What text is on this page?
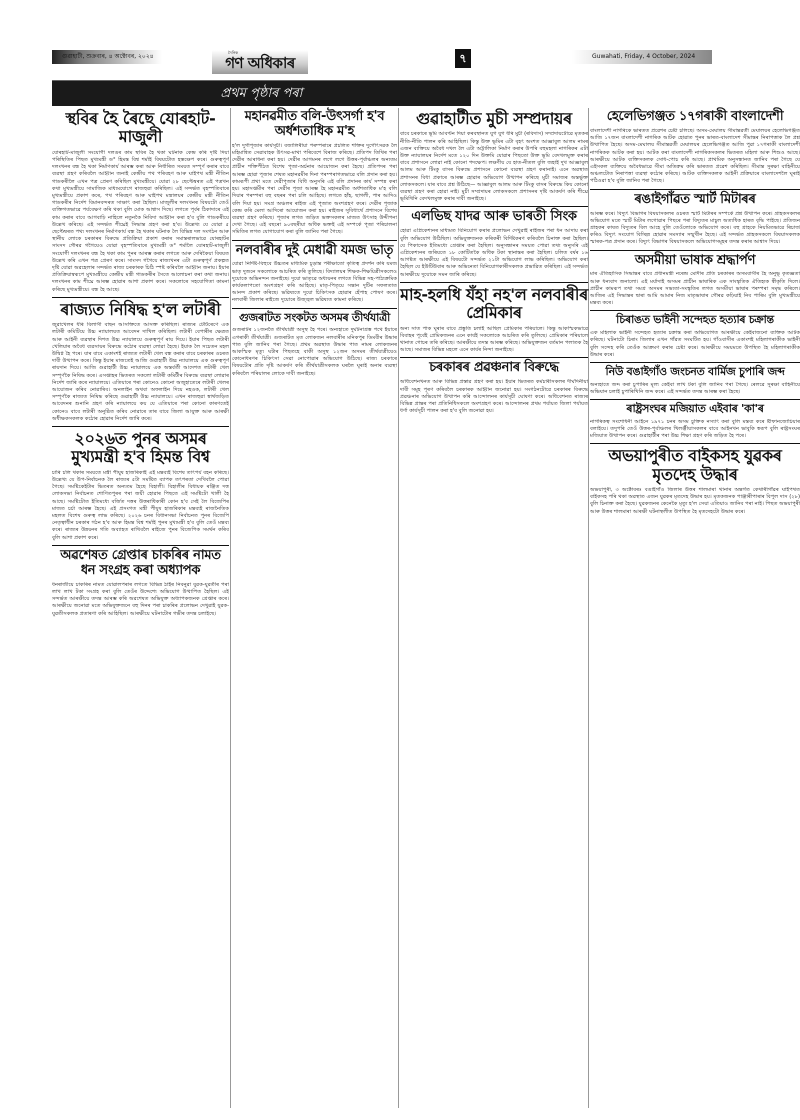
গুৱাহাটী, শুক্ৰবাৰ, ৪ অক্টোবৰ, ২০২৪
দৈনিক
গণ অধিকাৰ	Guwahati, Friday, 4 October, 2024
৭
প্ৰথম পৃষ্ঠাৰ পৰা
স্থবিৰ হৈ ৰৈছে যোৰহাট-মাজুলী
যোৰহাট-মাজুলী সংযোগী দলঙৰ কাম স্থবিৰ হৈ থকা ঘটনাক কেন্দ্ৰ কৰি দৃষ্টি দিয়া পৰিস্থিতিৰ পিছত মুখ্যমন্ত্ৰী ড° হিমন্ত বিশ্ব শৰ্মাই বিষয়টোত হস্তক্ষেপ কৰে। গুৰুত্বপূৰ্ণ দলংখনৰ বন্ধ হৈ থকা নিৰ্মাণকাৰ্য আৰম্ভ কৰা আৰু নিৰ্ধাৰিত সময়ত সম্পূৰ্ণ কৰাৰ বাবে ব্যৱস্থা গ্ৰহণ কৰিবলৈ আহ্বান জনাই কেন্দ্ৰীয় পথ পৰিবহণ আৰু ঘাইপথ মন্ত্ৰী নীতিন গাডকৰীলৈ এখন পত্ৰ প্ৰেৰণ কৰিছিল মুখ্যমন্ত্ৰীয়ে। যোৱা ২৮ ছেপ্টেম্বৰত এই পত্ৰখন কথা মুখ্যমন্ত্ৰীয়ে সামাজিক মাধ্যমযোগে ৰাজহুৱা কৰিছিল। এই সন্দৰ্ভত বৃহস্পতিবাৰে মুখ্যমন্ত্ৰীয়ে প্ৰকাশ কৰে, পথ পৰিবহণ আৰু ঘাইপথ মন্ত্ৰালয়ৰ কেন্দ্ৰীয় মন্ত্ৰী নীতিন গাডকৰীৰ নিৰ্দেশ বিমানবন্দৰত সাক্ষাৎ কৰা হৈছিল। মাজুলীৰ দলংখনৰ বিষয়টো তেওঁ ব্যক্তিগতভাৱে পৰ্যবেক্ষণ কৰি থকা বুলি মোক আশ্বাস দিছে। লগতে পূৰ্বৰ ঠিকাদাৰে এই কাম কৰাৰ বাবে আগবাঢ়ি নাহিলে নতুনকৈ নিবিদা আহ্বান কৰা হ'ব বুলি গাডকৰীয়ে উল্লেখ কৰিছে। এই সন্দৰ্ভত শীঘ্ৰেই সিদ্ধান্ত গ্ৰহণ কৰা হ'ব। উল্লেখ্য যে যোৱা ৫ ছেপ্টেম্বৰত পথ্য দলংখনৰ নিৰ্মাণকাৰ্য বন্ধ হৈ থকাৰ ঘটনাক লৈ বিভিন্ন দল সংগঠন আৰু স্থানীয় লোকে চৰকাৰৰ বিৰুদ্ধে প্ৰতিক্ৰিয়া প্ৰকাশ কৰাৰ সমান্তৰালভাৱে যোৰহাটৰ সাংসদ গৌৰৱ গগৈয়েও যোৱা বৃহস্পতিবাৰে মুখ্যমন্ত্ৰী ড° শৰ্মালৈ যোৰহাট-মাজুলী সংযোগী দলংখনৰ বন্ধ হৈ থকা কাম পুনৰ আৰম্ভ কৰাৰ লগতে আৰু দেৰিকৈয়া বিষয়ত উল্লেখ কৰি এখন পত্ৰ প্ৰেৰণ কৰে। সাংসদ গগৈয়ে ৰাজ্যখনৰ এটা গুৰুত্বপূৰ্ণ প্ৰকল্পত দৃষ্টি যোৱা অৱহেলাৰ সন্দৰ্ভত ৰাজ্য চৰকাৰক চিঠি স্পষ্ট কৰিবলৈ আহ্বান জনায়। ইয়াৰ প্ৰতিক্ৰিয়াস্বৰূপে মুখ্যমন্ত্ৰীয়ে কেন্দ্ৰীয় মন্ত্ৰী গাডকৰীৰ সৈতে আলোচনা কৰা কথা জনায়। দলংখনৰ কাম শীঘ্ৰে আৰম্ভ হোৱাৰ আশা প্ৰকাশ কৰে। সকলোৰে সহযোগিতা কামনা কৰিছে মুখ্যমন্ত্ৰীয়ে। বন্ধ হৈ আছে।
ৰাজ্যত নিষিদ্ধ হ'ল লটাৰী
জুৱাখেলৰ ধৰি বিলাসী বাছন আসক্তিতে আসক্ত কৰিছিল। ৰাজ্যৰ টেটিৰেণে এক লটাৰী কমিটিয়ে উচ্চ ন্যায়ালয়ত আবেদন দাখিল কৰিছিল। লটাৰী বেপাৰীৰ ক্ষেত্ৰত আৰু আইনী ব্যৱস্থাৰ দিশত উচ্চ ন্যায়ালয়ে গুৰুত্বপূৰ্ণ ৰায় দিয়ে। ইয়াৰ পিছত লটাৰী খেলিয়াৰ অবৈধ ব্যৱসায়ৰ বিৰুদ্ধে কঠোৰ ব্যৱস্থা লোৱা হৈছে। ইয়াক লৈ সচেতন মহল উদ্বিগ্ন হৈ পৰে। যাৰ বাবে একাংশই ৰাজ্যত লটাৰী খেল বন্ধ কৰাৰ বাবে চৰকাৰৰ ওচৰত দাবী উত্থাপন কৰে। কিন্তু ইয়াৰ মাজতেই আজি গুৱাহাটী উচ্চ ন্যায়ালয়ে এক গুৰুত্বপূৰ্ণ ৰায়দান দিয়ে। আজি গুৱাহাটী উচ্চ ন্যায়ালয়ে এক অন্তৰ্বৰ্তী আদেশত লটাৰী খেল সম্পূৰ্ণকৈ নিষিদ্ধ কৰে। এসপ্তাহৰ ভিতৰত সকলো লটাৰী কমিটীৰ বিৰুদ্ধে ব্যৱস্থা লোৱাৰ নিৰ্দেশ জাৰি কৰে ন্যায়ালয়ে। এতিয়াৰে পৰা কোনেও কোনো অজুহাতেৰে লটাৰী খেলৰ আয়োজন কৰিব নোৱাৰিব। অনলাইন অথবা অফলাইন দিয়ে নহওক, লটাৰী খেল সম্পূৰ্ণকৈ ৰাজ্যত নিষিদ্ধ কৰিছে গুৱাহাটী উচ্চ ন্যায়ালয়ে। এখন ৰাজহুৱা স্বাৰ্থজড়িত আবেদনৰ শুনানি গ্ৰহণ কৰি ন্যায়ালয়ে কয় যে এতিয়াৰে পৰা কোনো কাৰণতেই কোনেও বাবে লটাৰী অনুষ্ঠিত কৰিব নোৱাৰে তাৰ বাবে জিলা আয়ুক্ত আৰু আৰক্ষী অধীক্ষকসকলক কঠোৰ হোৱাৰ নিৰ্দেশ জাৰি কৰে।
২০২৬ত পুনৰ অসমৰ মুখ্যমন্ত্ৰী হ'ব হিমন্ত বিশ্ব
চাৰি চলি থকাৰ সময়তে মন্ত্ৰী পীযুষ হাজৰিকাই এই মন্তব্যই বিশেষ তাৎপৰ্য বহন কৰিছে। উল্লেখ্য যে উপ-নিৰ্বাচনক লৈ ৰাজ্যৰ ৫টা সমষ্টিত ব্যাপক তৎপৰতা দেখিবলৈ পোৱা গৈছে। সমষ্টিকেইটাৰ ভিতৰত অন্যতম হৈছে বিহালী। বিহালীৰ বিধায়ক ৰঞ্জিত দত্ত লোকসভা নিৰ্বাচনত শোণিতপুৰৰ পৰা জয়ী হোৱাৰ পিছতে এই সমষ্টিটো খালী হৈ আছে। সমষ্টিটোত ইতিমধ্যে বৰ্জিত দত্তৰ উত্তৰাধিকাৰী কোন হ'ব সেই লৈ বিজেপিৰ মাজত চৰ্চা আৰম্ভ হৈছে। এই প্ৰসংগত মন্ত্ৰী পীযুষ হাজৰিকাৰ মন্তব্যই ৰাজনৈতিক মহলত বিশেষ গুৰুত্ব লাভ কৰিছে। ২০২৬ চনৰ বিধানসভা নিৰ্বাচনত পুনৰ বিজেপি নেতৃত্বাধীন চৰকাৰ গঠন হ'ব আৰু হিমন্ত বিশ্ব শৰ্মাই পুনৰ মুখ্যমন্ত্ৰী হ'ব বুলি তেওঁ মন্তব্য কৰে। ৰাজ্যৰ উন্নয়নৰ গতি অব্যাহত ৰাখিবলৈ ৰাইজে পুনৰ বিজেপিক সমৰ্থন কৰিব বুলি আশা প্ৰকাশ কৰে।
অৱশেষত গ্ৰেপ্তাৰ চাকৰিৰ নামত ধন সংগ্ৰহ কৰা অধ্যাপক
ধনৰাজীয়ে চাকৰিৰ নামত যোৱালপৰাৰ লগতে বিভিন্ন ঠাইৰ নিবনুৱা যুৱক-যুৱতীৰ পৰা লাখ লাখ টকা সংগ্ৰহ কৰা বুলি তেওঁৰ উদ্দেশ্যে অভিযোগ উত্থাপিত হৈছিল। এই সন্দৰ্ভত আৰক্ষীয়ে তদন্ত আৰম্ভ কৰি অৱশেষত অভিযুক্ত অধ্যাপকজনক গ্ৰেপ্তাৰ কৰে। আৰক্ষীয়ে জনোৱা মতে অভিযুক্তজনে বহু দিনৰ পৰা চাকৰিৰ প্ৰলোভন দেখুৱাই যুৱক-যুৱতীসকলক প্ৰতাৰণা কৰি আহিছিল। আৰক্ষীয়ে ঘটনাটোৰ গভীৰ তদন্ত চলাইছে।
মহানৱমীত বলি-উৎসৰ্গা হ'ব অৰ্ধশতাধিক ম'হ
হ'ল দুৰ্গাপূজাৰ কাৰ্যসূচী। বজালিৰীয়া পৰম্পৰাৰে প্ৰচলিত শক্তিৰ দুৰ্গোৎসৱক লৈ মহিমান্বিত সেৱাবাহক উৎসৱ-মাথা পৰিবেশে বিৰাজ কৰিছে। প্ৰতিপদ তিথিৰ পৰা দেৱীৰ আৰাধনা কৰা হয়। দেৱীৰ আগমনৰ লগে লগে উত্তৰ-পূৰ্বাঞ্চলৰ অন্যতম প্ৰাচীন শক্তিপীঠত বিশেষ পূজা-অৰ্চনাৰ আয়োজন কৰা হৈছে। প্ৰতিপদৰ পৰা আৰম্ভ হোৱা পূজাৰ শেষত মহানৱমীৰ দিনা পৰম্পৰাগতভাৱে বলি প্ৰদান কৰা হয়। কামৰূপী প্ৰথা মতে দেৱীপূজাৰ বিধি অনুসৰি এই বলি প্ৰদানৰ কাৰ্য সম্পন্ন কৰা হয়। মহাসপ্তমীৰ পৰা দেৱীৰ পূজা আৰম্ভ হৈ মহানৱমীত অৰ্ধশতাধিক ম'হ বলি দিয়াৰ পৰম্পৰা বহু বছৰৰ পৰা চলি আহিছে। লগতে হাঁহ, ছাগলী, পাৰ আদিও বলি দিয়া হয়। সমগ্ৰ অঞ্চলৰ ৰাইজ এই পূজাত অংশগ্ৰহণ কৰে। দেৱীৰ পূজাক কেন্দ্ৰ কৰি মেলা আদিৰো আয়োজন কৰা হয়। ৰাইজৰ সুবিধাৰ্থে প্ৰশাসনে বিশেষ ব্যৱস্থা গ্ৰহণ কৰিছে। পূজাৰ লগত জড়িত ভক্তসকলৰ মাজত উৎসাহ উদ্দীপনা দেখা গৈছে। এই বছৰো ৯০বছৰীয়া অধিক ভক্তই এই সম্পৰ্কে পূজা পৰিচালনা সমিতিৰ লগত যোগাযোগ কৰা বুলি জানিব পৰা গৈছে।
নলবাৰীৰ দুই মেধাৱী যমজ ভাতৃ
যোৱা নিৰ্দিষ্ট-বিহুবে উচ্চতৰ মাধ্যমিক চূড়ান্ত পৰীক্ষাতো কৃতিত্ব প্ৰদৰ্শন কৰি যমজ ভাতৃ দুজনে সকলোকে আচৰিত কৰি তুলিছে। বিদ্যালয়ৰ শিক্ষক-শিক্ষয়িত্ৰীসকলেও দুয়োকে অভিনন্দন জনাইছে। দুয়ো ভাতৃৱে অধ্যয়নৰ লগতে বিভিন্ন সহ-পাঠ্যক্ৰমিক কাৰ্যকলাপতো অংশগ্ৰহণ কৰি আহিছে। মাতৃ-পিতৃয়ে সন্তান দুটিৰ সফলতাত আনন্দ প্ৰকাশ কৰিছে। ভৱিষ্যতে দুয়ো চিকিৎসক হোৱাৰ হেঁপাহ পোষণ কৰে। নলবাৰী জিলাৰ ৰাইজে দুয়োৰে উজ্জ্বল ভৱিষ্যত কামনা কৰিছে।
গুজৰাটত সংকটত অসমৰ তীৰ্থযাত্ৰী
গুজৰাটৰ ১২জনতৈ তীৰ্থযাত্ৰী অসুস্থ হৈ পৰে। অন্যহাতে দুৰ্ঘটনাগ্ৰস্ত পথে ইয়াৰে এগৰাকী তীৰ্থযাত্ৰী। গুজৰাটত মৃত লোকজন নলবাৰীৰ মনিকপুৰ ডিমবীৰ উদ্ধাৰ পাত বুলি জানিব পৰা গৈছে। প্ৰথম অৱস্থাত উদ্ধাৰ পাত নামৰ লোকজনৰ আকস্মিক মৃত্যু ঘটাৰ পিছতহে বাকী অসুস্থ ১২জন অসমৰ তীৰ্থযাত্ৰীয়েও কোনোধৰণৰ চিকিৎসা সেৱা নোপোৱাৰ অভিযোগ উঠিছে। ৰাজ্য চৰকাৰে বিষয়টোৰ প্ৰতি দৃষ্টি আকৰ্ষণ কৰি তীৰ্থযাত্ৰীসকলক ঘৰলৈ ঘূৰাই অনাৰ ব্যৱস্থা কৰিবলৈ পৰিয়ালৰ লোকে দাবী জনাইছে।
গুৱাহাটীত মুচী সম্প্ৰদায়ৰ
বাবে চৰকাৰে ভূমি আবণ্টন দিয়া কৰবস্থানত যুগ যুগ ধৰি মুচী (ৰবিদাস) সম্প্ৰদায়টোৱে মৃতকৰ নীতি-নীতি পালন কৰি আহিছিল। কিন্তু উক্ত ভূমিৰ এটা বৃহৎ অংশত আজ্ঞাবুল আলম নামৰ এজন ব্যক্তিয়ে অবৈধ দখল লৈ এটা অট্টালিকা নিৰ্মাণ কৰাৰ উপৰি বহুমহলা নাগৰিকৰ এটা উক্ত ন্যায়ালয়ৰ নিৰ্দেশ মতে ১২০ দিন উক্তমি যোৱাৰ পিছতো উক্ত ভূমি বেদখলমুক্ত কৰাৰ বাবে প্ৰশাসনে লোৱা নাই কোনো পদক্ষেপ। লক্ষণীয় যে হাত-নীতল বুলি জহাই দুখ আজ্ঞাবুল আলম আৰু টিংকু বাসৰ বিৰুদ্ধে প্ৰশাসনে কোনো ব্যৱস্থা গ্ৰহণ কৰানাই। এনে অৱস্থাত প্ৰশাসনৰ বিধা প্ৰকাৰে আৰম্ভ হোৱাৰ অভিযোগ উত্থাপন কৰিছে মুচী সমাজৰ অন্তৰ্ভুক্ত লোকসকলে। যাৰ বাবে প্ৰশ্ন উঠিছে— আজ্ঞাবুল আলম আৰু টিংকু বাসৰ বিৰুদ্ধে কিয় কোনো ব্যৱস্থা গ্ৰহণ কৰা হোৱা নাই। মুচী সম্প্ৰদায়ৰ লোকসকলে প্ৰশাসনৰ দৃষ্টি আকৰ্ষণ কৰি শীঘ্ৰে ভূমিখিনি বেদখলমুক্ত কৰাৰ দাবী জনাইছে।
এলভিছ যাদৱ আৰু ভাৰতী সিংক
হোৱা এপ্লিকেশ্যনৰ মাধ্যমত বিনিয়োগ কৰাৰ প্ৰলোভন দেখুৱাই ৰাইজৰ পৰা ধন আদায় কৰা বুলি অভিযোগ উঠিছিল। অভিযুক্তজনক কৰিকৰী বিৰ্দিষ্টকৰণ কৰিবলৈ চিনাক্ত কৰা হৈছিল। যে পিকাসেক ইতিমধ্যে গ্ৰেপ্তাৰ কৰা হৈছিল। অনুসন্ধানৰ সময়ত পোৱা তথ্য অনুসৰি এই এপ্লিকেশ্যনৰ জৰিয়তে ১৮ কোটিতকৈ অধিক টকা স্থানান্তৰ কৰা হৈছিল। চলিত বৰ্ষৰ ১৬ আগষ্টত আৰক্ষীয়ে এই বিষয়টো সন্দৰ্ভত ২১টা অভিযোগ লাভ কৰিছিল। অভিযোগ কৰা হৈছিল যে ইউটিউবাৰ আৰু অভিনেতা বিনিয়োগকাৰীসকলক প্ৰভাৱিত কৰিছিল। এই সন্দৰ্ভত আৰক্ষীয়ে দুয়োকে সমন জাৰি কৰিছে।
মাহ-হলধি যঁহা নহ'ল নলবাৰীৰ প্ৰেমিকাৰ
অন্য সাত পাক ঘূৰাৰ বাবে প্ৰস্তুতি চলাই আছিল প্ৰেমিকাৰ পৰিয়ালে। কিন্তু আকস্মিকভাৱে বিবাহৰ পূৰ্বেই প্ৰেমিকজনৰ এনে কাৰ্যই সকলোকে আচৰিত কৰি তুলিছে। প্ৰেমিকাৰ পৰিয়ালে থানাত গোচৰ তৰি কৰিছে। আৰক্ষীয়ে তদন্ত আৰম্ভ কৰিছে। অভিযুক্তজন বৰ্তমান পলাতক হৈ আছে। সমাজৰ বিভিন্ন মহলে এনে কাৰ্যৰ নিন্দা জনাইছে।
চৰকাৰৰ প্ৰৱঞ্চনাৰ বিৰুদ্ধে
অধিবেশনখনত আৰু বিভিন্ন প্ৰস্তাৱ গ্ৰহণ কৰা হয়। ইয়াৰ ভিতৰত কৰ্মচাৰীসকলৰ দীৰ্ঘদিনীয়া দাবী সমূহ পূৰণ কৰিবলৈ চৰকাৰক আহ্বান জনোৱা হয়। সংগঠনটোৱে চৰকাৰৰ বিৰুদ্ধে প্ৰৱঞ্চনাৰ অভিযোগ উত্থাপন কৰি আন্দোলনৰ কাৰ্যসূচী ঘোষণা কৰে। অধিবেশনত ৰাজ্যৰ বিভিন্ন প্ৰান্তৰ পৰা প্ৰতিনিধিসকলে অংশগ্ৰহণ কৰে। আন্দোলনৰ প্ৰথম পৰ্যায়ত জিলা পৰ্যায়ত ধৰ্ণা কাৰ্যসূচী পালন কৰা হ'ব বুলি জনোৱা হয়।
হেলেভিগঞ্জত ১৭গৰাকী বাংলাদেশী
বাংলাদেশী নাগৰিকে ভাৰতত প্ৰৱেশৰ চেষ্টা চলিছে। অসম-মেঘালয় সীমান্তৱৰ্তী মেঘালয়ৰ হেলেভিগঞ্জত আজি ১৭জন বাংলাদেশী নাগৰিক আটক হোৱাত পুনৰ ভাৰত-বাংলাদেশ সীমান্তৰ নিৰাপত্তাক লৈ প্ৰশ্ন উত্থাপিত হৈছে। অসম-মেঘালয় সীমান্তৱৰ্তী মেঘালয়ৰ হেলেভিগঞ্জত আজি পুৱা ১৭গৰাকী বাংলাদেশী নাগৰিকক আটক কৰা হয়। আটক কৰা বাংলাদেশী নাগৰিকসকলৰ ভিতৰত মহিলা আৰু শিশুও আছে। আৰক্ষীয়ে আটক ব্যক্তিসকলক সোধ-পোচ কৰি আছে। প্ৰাথমিক অনুসন্ধানত জানিব পৰা গৈছে যে এইসকল ব্যক্তিয়ে অবৈধভাৱে সীমা অতিক্ৰম কৰি ভাৰতত প্ৰৱেশ কৰিছিল। সীমান্ত সুৰক্ষা বাহিনীয়ে অঞ্চলটোত নিৰাপত্তা ব্যৱস্থা কঠোৰ কৰিছে। আটক ব্যক্তিসকলক আইনী প্ৰক্ৰিয়াৰে বাংলাদেশলৈ ঘূৰাই পঠিওৱা হ'ব বুলি জানিব পৰা গৈছে।
ৰঙাইগাঁৱত স্মাৰ্ট মিটাৰৰ
আৰম্ভ কৰে। বিদ্যুৎ বিভাগৰ বিষয়াসকলৰ ওচৰত স্মাৰ্ট মিটাৰৰ সম্পৰ্কে প্ৰশ্ন উত্থাপন কৰে। গ্ৰাহকসকলৰ অভিযোগ মতে স্মাৰ্ট মিটাৰ লগোৱাৰ পিছৰে পৰা বিদ্যুতৰ মাচুল অত্যধিক হাৰত বৃদ্ধি পাইছে। প্ৰতিজন গ্ৰাহকৰ কাষত বিদ্যুতৰ বিল আহে বুলি তেওঁলোকে অভিযোগ কৰে। বহু গ্ৰাহকে নিয়মিতভাৱে ৰিচাৰ্জ কৰিও বিদ্যুৎ সংযোগ বিচ্ছিন্ন হোৱাৰ সমস্যাৰ সন্মুখীন হৈছে। এই সন্দৰ্ভত গ্ৰাহকসকলে বিষয়াসকলক স্মাৰক-পত্ৰ প্ৰদান কৰে। বিদ্যুৎ বিভাগৰ বিষয়াসকলে অভিযোগসমূহৰ তদন্ত কৰাৰ আশ্বাস দিয়ে।
অসমীয়া ভাষাক শ্ৰদ্ধাৰ্পণ
মাৰ ঐতিহাসিক সিদ্ধান্তৰ বাবে প্ৰধানমন্ত্ৰী নৰেন্দ্ৰ মোদীৰ প্ৰতি চৰকাৰৰ অসমবাসীৰ হৈ অনুভূ কৃতজ্ঞতা আৰু ধন্যবাদ জনালো। এই মৰ্যাদাই অসমৰ প্ৰাচীন ভাষাৰিক এক সাংস্কৃতিক ঐতিহ্যক স্বীকৃতি দিলে। প্ৰাচীন কামৰূপ তথা সমগ্ৰ অসমৰ সভ্যতা-সংস্কৃতিৰ লগত অসমীয়া ভাষাৰ পৰম্পৰা সমৃদ্ধ কৰিলে। আজিৰ এই সিদ্ধান্তৰ দ্বাৰা আমি আমাৰ নিজ মাতৃভাষাৰ গৌৰৱ কঢ়িয়াই নিব পাৰিম বুলি মুখ্যমন্ত্ৰীয়ে মন্তব্য কৰে।
চিৰাঙত ভাইনী সন্দেহত হত্যাৰ চক্ৰান্ত
এক মহিলাক ভাইনী সন্দেহত হত্যাৰ চক্ৰান্ত কৰা অভিযোগত আৰক্ষীয়ে কেইবাজনো ব্যক্তিক আটক কৰিছে। ঘটনাটো চিৰাং জিলাৰ এখন গাঁৱত সংঘটিত হয়। গাঁওবাসীৰ একাংশই মহিলাগৰাকীক ভাইনী বুলি সন্দেহ কৰি তেওঁক আক্ৰমণ কৰাৰ চেষ্টা কৰে। আৰক্ষীয়ে সময়মতে উপস্থিত হৈ মহিলাগৰাকীক উদ্ধাৰ কৰে।
নিউ বঙাইগাঁও জংচনত বাৰ্মিজ চুপাৰি জব্দ
অন্যহাতে জব্দ কৰা চুপাৰিৰ মূল্য কেইবা লাখ টকা বুলি জানিব পৰা গৈছে। ৰেলৱে সুৰক্ষা বাহিনীয়ে অভিযান চলাই চুপাৰিখিনি জব্দ কৰে। এই সন্দৰ্ভত তদন্ত আৰম্ভ কৰা হৈছে।
ৰাষ্ট্ৰসংঘৰ মজিয়াত এইবাৰ 'কা'ৰ
নাগৰিকত্ব সংশোধনী আইনে ১৯৭১ চনৰ অসম চুক্তিক নস্যাৎ কৰা বুলি মন্তব্য কৰে ষ্টীফানজোচিয়াৰ বলাইয়ে। তদুপৰি তেওঁ উত্তৰ-পূৰ্বাঞ্চলৰ খিলঞ্জীয়াসকলৰ বাবে আইনখন ভাবুকি স্বৰূপ বুলি ৰাষ্ট্ৰসংঘৰ মজিয়াত উত্থাপন কৰে। গুৱাহাটীৰ পৰা উচ্চ শিক্ষা গ্ৰহণ কৰি জড়িত হৈ পৰে।
অভয়াপুৰীত বাইকসহ যুৱকৰ মৃতদেহ উদ্ধাৰ
অভয়াপুৰী, ৩ অক্টোবৰঃ বঙাইগাঁও জিলাৰ উত্তৰ শালমাৰা থানাৰ অন্তৰ্গত কেথাৰীগাঁৱৰ ঘাইপথত বাইকসহ পৰি থকা অৱস্থাত এজন যুৱকৰ মৃতদেহ উদ্ধাৰ হয়। মৃতকজনক পাঞ্জাৰীপাৰাৰ বিপুল দাস (২৮) বুলি চিনাক্ত কৰা হৈছে। যুৱকজনৰ কেনেকৈ মৃত্যু হ'ল সেয়া এতিয়াও জানিব পৰা নাই। পিছত অভয়াপুৰী আৰু উত্তৰ শালমাৰা আৰক্ষী ঘটনাস্থলীত উপস্থিত হৈ মৃতদেহটো উদ্ধাৰ কৰে।
